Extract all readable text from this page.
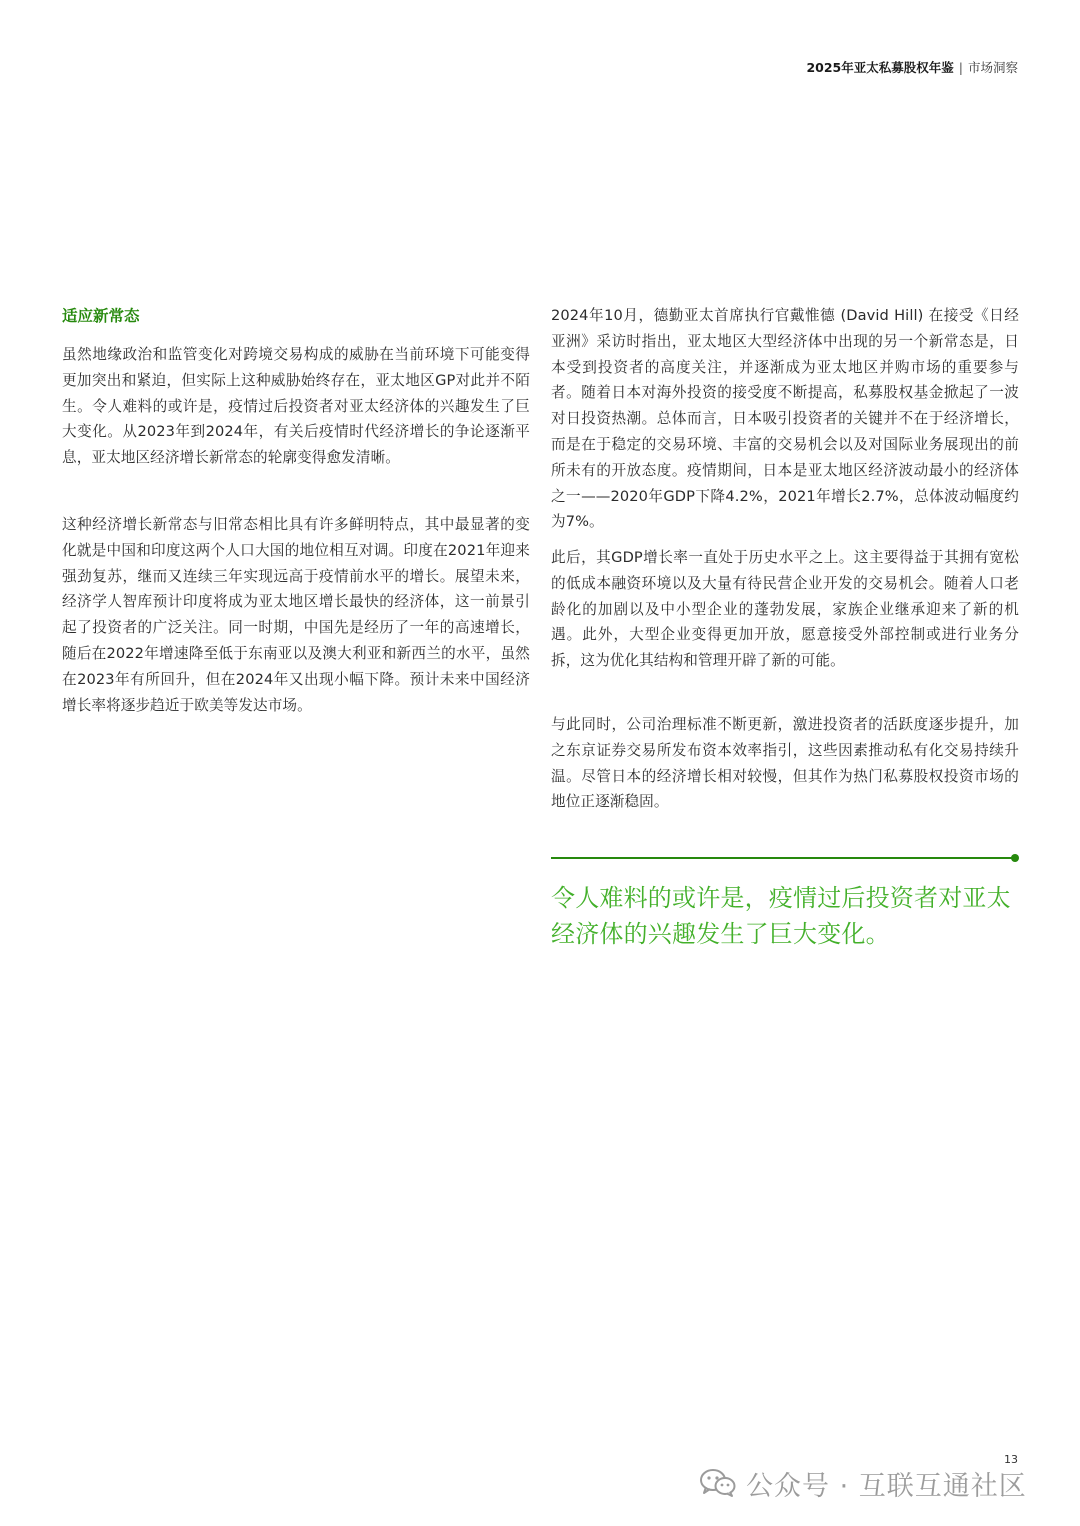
2025年亚太私募股权年鉴 | 市场洞察
适应新常态

虽然地缘政治和监管变化对跨境交易构成的威胁在当前环境下可能变得更加突出和紧迫，但实际上这种威胁始终存在，亚太地区GP对此并不陌生。令人难料的或许是，疫情过后投资者对亚太经济体的兴趣发生了巨大变化。从2023年到2024年，有关后疫情时代经济增长的争论逐渐平息，亚太地区经济增长新常态的轮廓变得愈发清晰。

这种经济增长新常态与旧常态相比具有许多鲜明特点，其中最显著的变化就是中国和印度这两个人口大国的地位相互对调。印度在2021年迎来强劲复苏，继而又连续三年实现远高于疫情前水平的增长。展望未来，经济学人智库预计印度将成为亚太地区增长最快的经济体，这一前景引起了投资者的广泛关注。同一时期，中国先是经历了一年的高速增长，随后在2022年增速降至低于东南亚以及澳大利亚和新西兰的水平，虽然在2023年有所回升，但在2024年又出现小幅下降。预计未来中国经济增长率将逐步趋近于欧美等发达市场。

2024年10月，德勤亚太首席执行官戴惟德 (David Hill) 在接受《日经亚洲》采访时指出，亚太地区大型经济体中出现的另一个新常态是，日本受到投资者的高度关注，并逐渐成为亚太地区并购市场的重要参与者。随着日本对海外投资的接受度不断提高，私募股权基金掀起了一波对日投资热潮。总体而言，日本吸引投资者的关键并不在于经济增长，而是在于稳定的交易环境、丰富的交易机会以及对国际业务展现出的前所未有的开放态度。疫情期间，日本是亚太地区经济波动最小的经济体之一——2020年GDP下降4.2%，2021年增长2.7%，总体波动幅度约为7%。

此后，其GDP增长率一直处于历史水平之上。这主要得益于其拥有宽松的低成本融资环境以及大量有待民营企业开发的交易机会。随着人口老龄化的加剧以及中小型企业的蓬勃发展，家族企业继承迎来了新的机遇。此外，大型企业变得更加开放，愿意接受外部控制或进行业务分拆，这为优化其结构和管理开辟了新的可能。

与此同时，公司治理标准不断更新，激进投资者的活跃度逐步提升，加之东京证券交易所发布资本效率指引，这些因素推动私有化交易持续升温。尽管日本的经济增长相对较慢，但其作为热门私募股权投资市场的地位正逐渐稳固。

令人难料的或许是，疫情过后投资者对亚太经济体的兴趣发生了巨大变化。

13
公众号 · 互联互通社区
